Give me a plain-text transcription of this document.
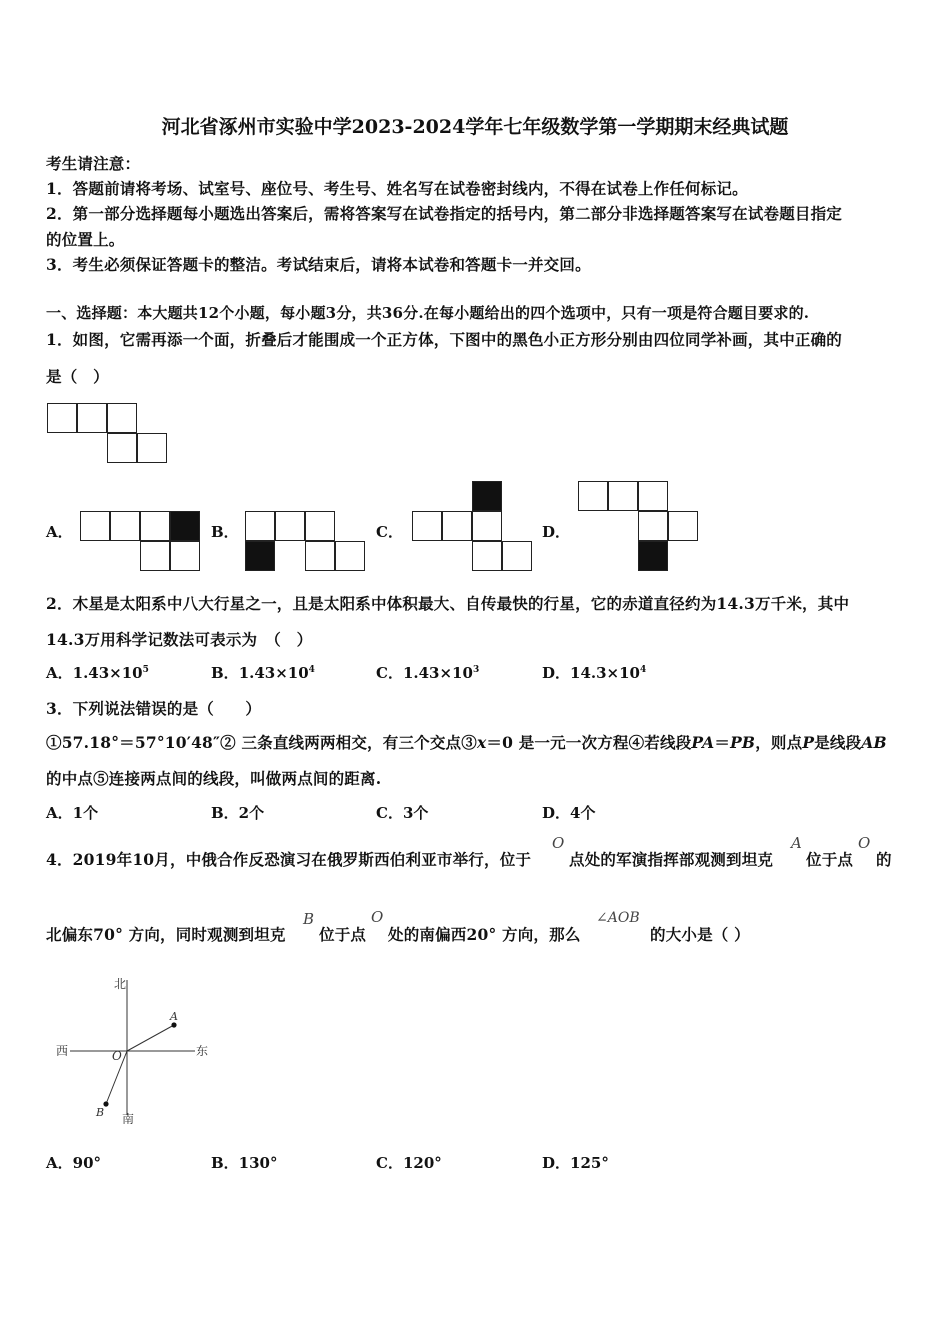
河北省涿州市实验中学2023-2024学年七年级数学第一学期期末经典试题
考生请注意：
1．答题前请将考场、试室号、座位号、考生号、姓名写在试卷密封线内，不得在试卷上作任何标记。
2．第一部分选择题每小题选出答案后，需将答案写在试卷指定的括号内，第二部分非选择题答案写在试卷题目指定
的位置上。
3．考生必须保证答题卡的整洁。考试结束后，请将本试卷和答题卡一并交回。
一、选择题：本大题共12个小题，每小题3分，共36分.在每小题给出的四个选项中，只有一项是符合题目要求的.
1．如图，它需再添一个面，折叠后才能围成一个正方体，下图中的黑色小正方形分别由四位同学补画，其中正确的
是（　）
A．	B．	C．	D．
2．木星是太阳系中八大行星之一，且是太阳系中体积最大、自传最快的行星，它的赤道直径约为14.3万千米，其中
14.3万用科学记数法可表示为　（　）
A．$1.43\times 10^5$	B．$1.43\times 10^4$	C．$1.43\times 10^3$	D．$14.3\times 10^4$
3．下列说法错误的是（　　）
①57.18°＝57°10′48″② 三条直线两两相交，有三个交点③x＝0 是一元一次方程④若线段PA＝PB，则点P是线段AB
的中点⑤连接两点间的线段，叫做两点间的距离.
A．1个	B．2个	C．3个	D．4个
4．2019年10月，中俄合作反恐演习在俄罗斯西伯利亚市举行，位于
O
点处的军演指挥部观测到坦克
A
位于点
O
的
北偏东70° 方向，同时观测到坦克
B
位于点
O
处的南偏西20° 方向，那么
∠AOB
的大小是（ ）
北
南
西	东
O
A
B
A．90°	B．130°	C．120°	D．125°
